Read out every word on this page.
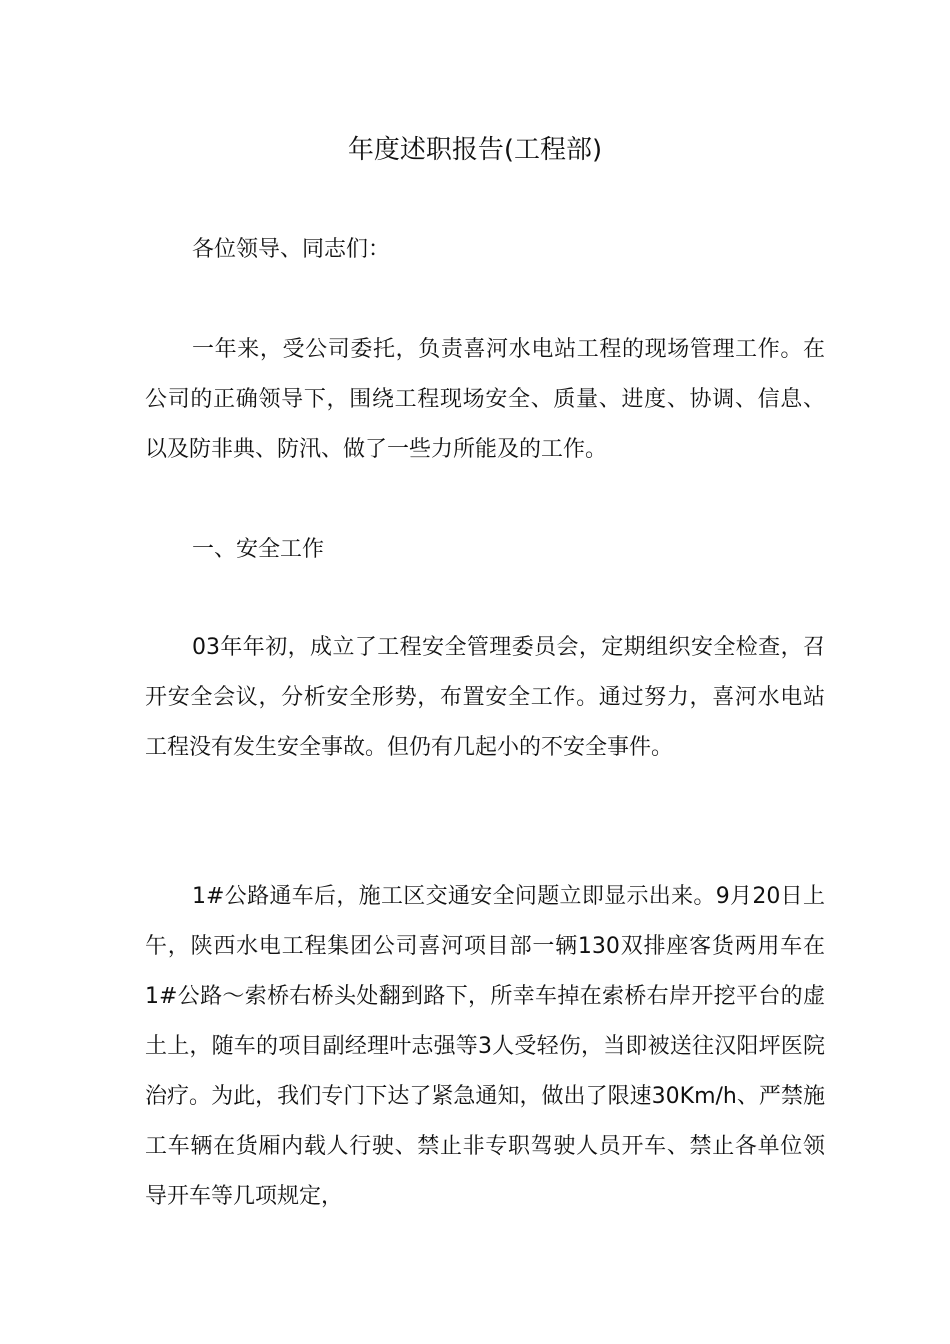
年度述职报告(工程部)

各位领导、同志们：

一年来，受公司委托，负责喜河水电站工程的现场管理工作。在公司的正确领导下，围绕工程现场安全、质量、进度、协调、信息、以及防非典、防汛、做了一些力所能及的工作。

一、安全工作

03年年初，成立了工程安全管理委员会，定期组织安全检查，召开安全会议，分析安全形势，布置安全工作。通过努力，喜河水电站工程没有发生安全事故。但仍有几起小的不安全事件。

1#公路通车后，施工区交通安全问题立即显示出来。9月20日上午，陕西水电工程集团公司喜河项目部一辆130双排座客货两用车在1#公路～索桥右桥头处翻到路下，所幸车掉在索桥右岸开挖平台的虚土上，随车的项目副经理叶志强等3人受轻伤，当即被送往汉阳坪医院治疗。为此，我们专门下达了紧急通知，做出了限速30Km/h、严禁施工车辆在货厢内载人行驶、禁止非专职驾驶人员开车、禁止各单位领导开车等几项规定，
